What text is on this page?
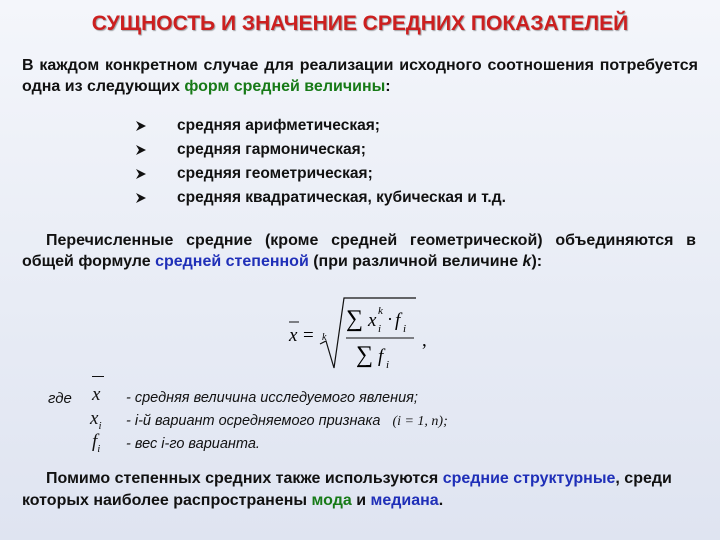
СУЩНОСТЬ И ЗНАЧЕНИЕ СРЕДНИХ ПОКАЗАТЕЛЕЙ
В каждом конкретном случае для реализации исходного соотношения потребуется одна из следующих форм средней величины:
средняя арифметическая;
средняя гармоническая;
средняя геометрическая;
средняя квадратическая, кубическая и т.д.
Перечисленные средние (кроме средней геометрической) объединяются в общей формуле средней степенной (при различной величине k):
x = k
∑ x k
i · f i
∑ f i
,
где x - средняя величина исследуемого явления;
$x_i - i-й$ вариант осредняемого признака (i = 1, n);
$f_i$ - вес i-го варианта.
Помимо степенных средних также используются средние структурные, среди которых наиболее распространены мода и медиана.
